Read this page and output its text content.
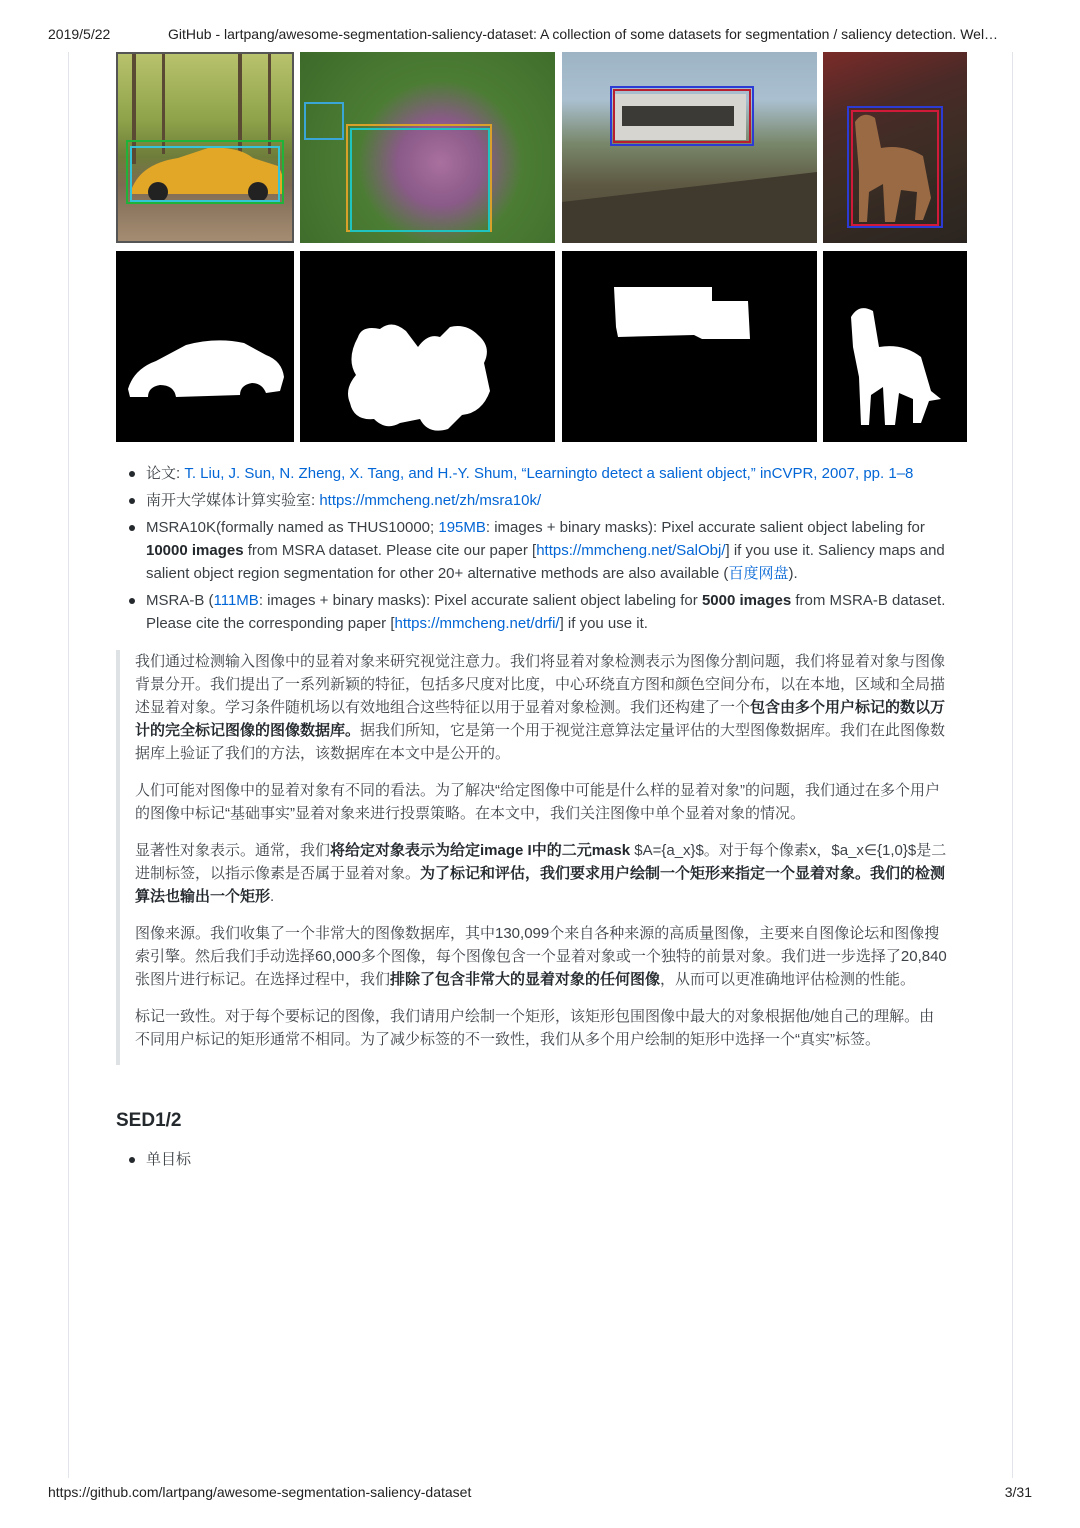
2019/5/22	GitHub - lartpang/awesome-segmentation-saliency-dataset: A collection of some datasets for segmentation / saliency detection. Wel…
论文: T. Liu, J. Sun, N. Zheng, X. Tang, and H.-Y. Shum, “Learningto detect a salient object,” inCVPR, 2007, pp. 1–8
南开大学媒体计算实验室: https://mmcheng.net/zh/msra10k/
MSRA10K(formally named as THUS10000; 195MB: images + binary masks): Pixel accurate salient object labeling for 10000 images from MSRA dataset. Please cite our paper [https://mmcheng.net/SalObj/] if you use it. Saliency maps and salient object region segmentation for other 20+ alternative methods are also available (百度网盘).
MSRA-B (111MB: images + binary masks): Pixel accurate salient object labeling for 5000 images from MSRA-B dataset. Please cite the corresponding paper [https://mmcheng.net/drfi/] if you use it.

我们通过检测输入图像中的显着对象来研究视觉注意力。我们将显着对象检测表示为图像分割问题，我们将显着对象与图像背景分开。我们提出了一系列新颖的特征，包括多尺度对比度，中心环绕直方图和颜色空间分布，以在本地，区域和全局描述显着对象。学习条件随机场以有效地组合这些特征以用于显着对象检测。我们还构建了一个包含由多个用户标记的数以万计的完全标记图像的图像数据库。据我们所知，它是第一个用于视觉注意算法定量评估的大型图像数据库。我们在此图像数据库上验证了我们的方法，该数据库在本文中是公开的。

人们可能对图像中的显着对象有不同的看法。为了解决“给定图像中可能是什么样的显着对象”的问题，我们通过在多个用户的图像中标记“基础事实”显着对象来进行投票策略。在本文中，我们关注图像中单个显着对象的情况。

显著性对象表示。通常，我们将给定对象表示为给定image I中的二元mask $A={a_x}$。对于每个像素x，$a_x∈{1,0}$是二进制标签，以指示像素是否属于显着对象。为了标记和评估，我们要求用户绘制一个矩形来指定一个显着对象。我们的检测算法也输出一个矩形.

图像来源。我们收集了一个非常大的图像数据库，其中130,099个来自各种来源的高质量图像，主要来自图像论坛和图像搜索引擎。然后我们手动选择60,000多个图像，每个图像包含一个显着对象或一个独特的前景对象。我们进一步选择了20,840张图片进行标记。在选择过程中，我们排除了包含非常大的显着对象的任何图像，从而可以更准确地评估检测的性能。

标记一致性。对于每个要标记的图像，我们请用户绘制一个矩形，该矩形包围图像中最大的对象根据他/她自己的理解。由不同用户标记的矩形通常不相同。为了减少标签的不一致性，我们从多个用户绘制的矩形中选择一个“真实”标签。

SED1/2
单目标
https://github.com/lartpang/awesome-segmentation-saliency-dataset	3/31
